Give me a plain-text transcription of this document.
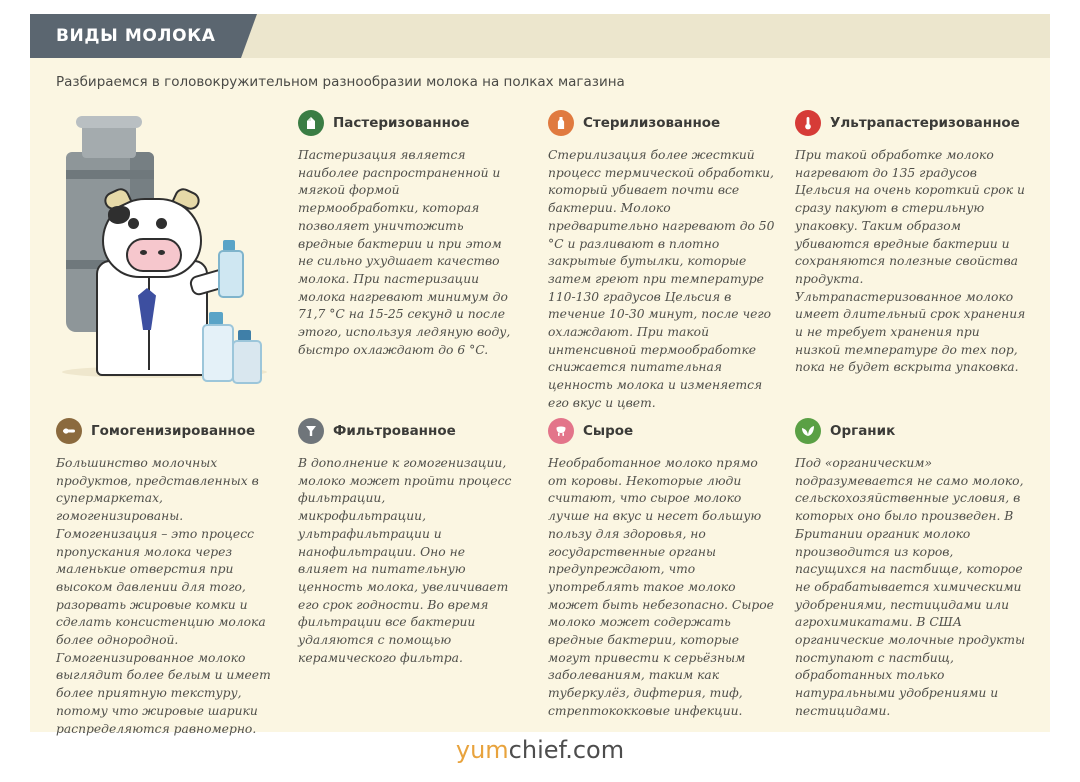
ВИДЫ МОЛОКА
Разбираемся в головокружительном разнообразии молока на полках магазина
Пастеризованное
Пастеризация является наиболее распространенной и мягкой формой термообработки, которая позволяет уничтожить вредные бактерии и при этом не сильно ухудшает качество молока. При пастеризации молока нагревают минимум до 71,7 °C на 15-25 секунд и после этого, используя ледяную воду, быстро охлаждают до 6 °C.
Стерилизованное
Стерилизация более жесткий процесс термической обработки, который убивает почти все бактерии. Молоко предварительно нагревают до 50 °C и разливают в плотно закрытые бутылки, которые затем греют при температуре 110-130 градусов Цельсия в течение 10-30 минут, после чего охлаждают. При такой интенсивной термообработке снижается питательная ценность молока и изменяется его вкус и цвет.
Ультрапастеризованное
При такой обработке молоко нагревают до 135 градусов Цельсия на очень короткий срок и сразу пакуют в стерильную упаковку. Таким образом убиваются вредные бактерии и сохраняются полезные свойства продукта. Ультрапастеризованное молоко имеет длительный срок хранения и не требует хранения при низкой температуре до тех пор, пока не будет вскрыта упаковка.
Гомогенизированное
Большинство молочных продуктов, представленных в супермаркетах, гомогенизированы. Гомогенизация – это процесс пропускания молока через маленькие отверстия при высоком давлении для того, разорвать жировые комки и сделать консистенцию молока более однородной. Гомогенизированное молоко выглядит более белым и имеет более приятную текстуру, потому что жировые шарики распределяются равномерно.
Фильтрованное
В дополнение к гомогенизации, молоко может пройти процесс фильтрации, микрофильтрации, ультрафильтрации и нанофильтрации. Оно не влияет на питательную ценность молока, увеличивает его срок годности. Во время фильтрации все бактерии удаляются с помощью керамического фильтра.
Сырое
Необработанное молоко прямо от коровы. Некоторые люди считают, что сырое молоко лучше на вкус и несет большую пользу для здоровья, но государственные органы предупреждают, что употреблять такое молоко может быть небезопасно. Сырое молоко может содержать вредные бактерии, которые могут привести к серьёзным заболеваниям, таким как туберкулёз, дифтерия, тиф, стрептококковые инфекции.
Органик
Под «органическим» подразумевается не само молоко, сельскохозяйственные условия, в которых оно было произведен. В Британии органик молоко производится из коров, пасущихся на пастбище, которое не обрабатывается химическими удобрениями, пестицидами или агрохимикатами. В США органические молочные продукты поступают с пастбищ, обработанных только натуральными удобрениями и пестицидами.
yumchief.com
